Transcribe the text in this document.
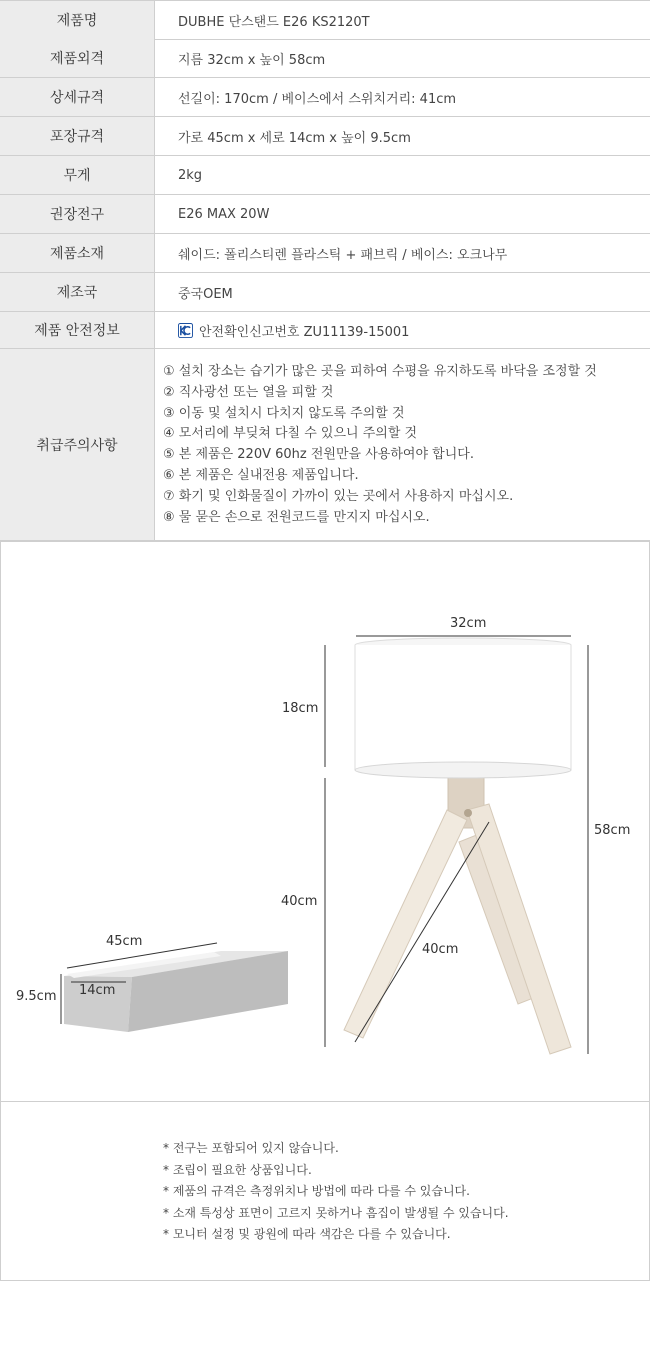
제품명	DUBHE 단스탠드 E26 KS2120T
제품외격	지름 32cm x 높이 58cm
상세규격	선길이: 170cm / 베이스에서 스위치거리: 41cm
포장규격	가로 45cm x 세로 14cm x 높이 9.5cm
무게	2kg
권장전구	E26 MAX 20W
제품소재	쉐이드: 폴리스티렌 플라스틱 + 패브릭 / 베이스: 오크나무
제조국	중국OEM
제품 안전정보	안전확인신고번호 ZU11139-15001
취급주의사항
① 설치 장소는 습기가 많은 곳을 피하여 수평을 유지하도록 바닥을 조정할 것
② 직사광선 또는 열을 피할 것
③ 이동 및 설치시 다치지 않도록 주의할 것
④ 모서리에 부딪쳐 다칠 수 있으니 주의할 것
⑤ 본 제품은 220V 60hz 전원만을 사용하여야 합니다.
⑥ 본 제품은 실내전용 제품입니다.
⑦ 화기 및 인화물질이 가까이 있는 곳에서 사용하지 마십시오.
⑧ 물 묻은 손으로 전원코드를 만지지 마십시오.
45cm
14cm
9.5cm
32cm
18cm
40cm
40cm
58cm
* 전구는 포함되어 있지 않습니다.
* 조립이 필요한 상품입니다.
* 제품의 규격은 측정위치나 방법에 따라 다를 수 있습니다.
* 소재 특성상 표면이 고르지 못하거나 흠집이 발생될 수 있습니다.
* 모니터 설정 및 광원에 따라 색감은 다를 수 있습니다.
